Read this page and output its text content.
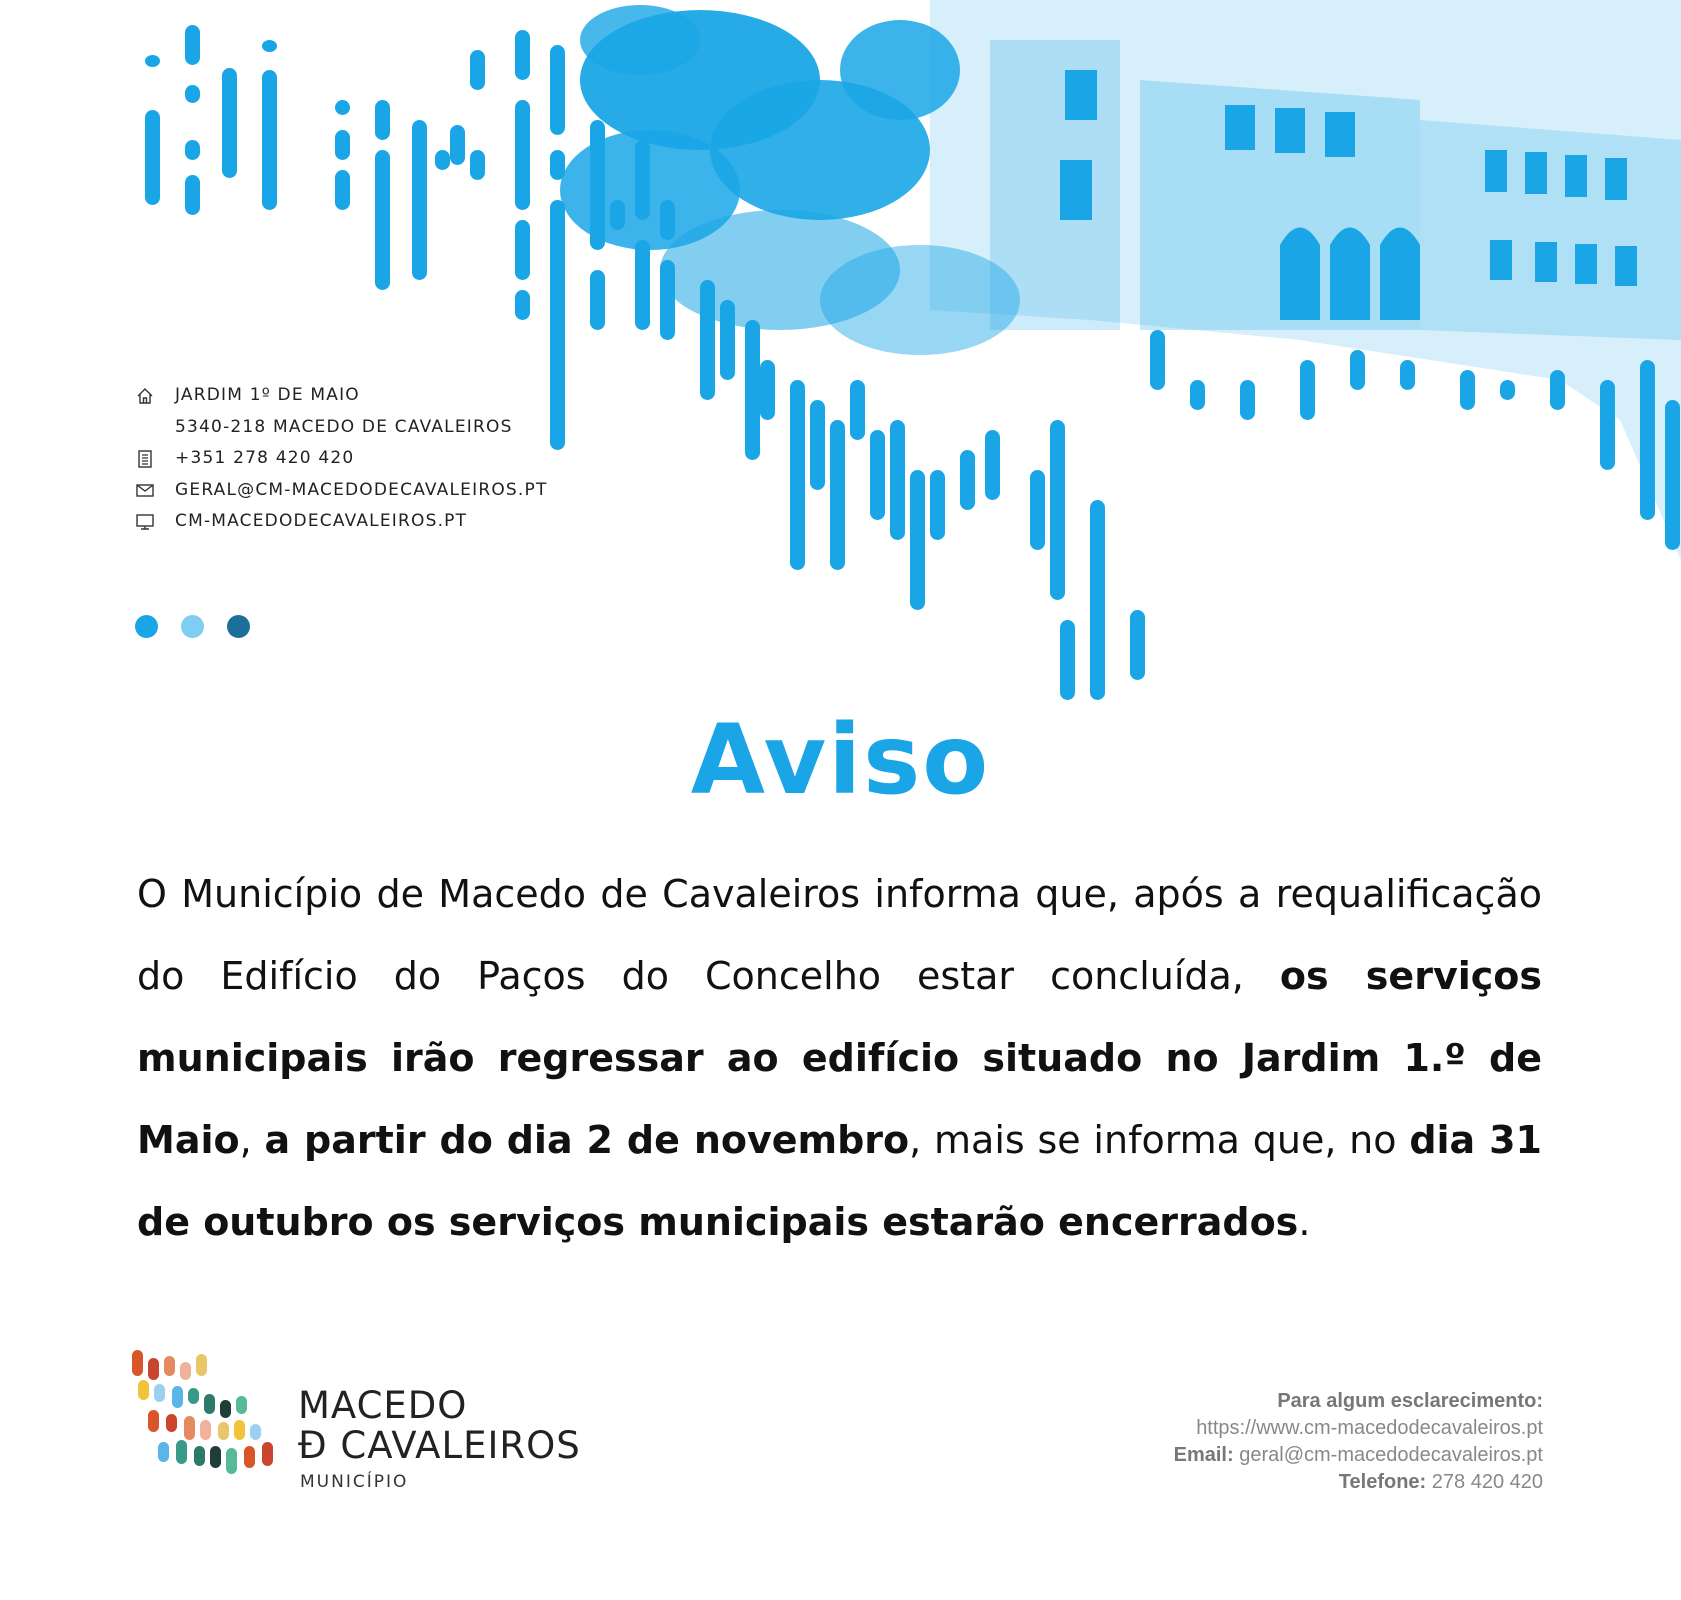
JARDIM 1º DE MAIO
5340-218 MACEDO DE CAVALEIROS
+351 278 420 420
GERAL@CM-MACEDODECAVALEIROS.PT
CM-MACEDODECAVALEIROS.PT
Aviso
O Município de Macedo de Cavaleiros informa que, após a requalificação do Edifício do Paços do Concelho estar concluída, os serviços municipais irão regressar ao edifício situado no Jardim 1.º de Maio, a partir do dia 2 de novembro, mais se informa que, no dia 31 de outubro os serviços municipais estarão encerrados.
MACEDO
Đ CAVALEIROS
MUNICÍPIO
Para algum esclarecimento:
https://www.cm-macedodecavaleiros.pt
Email: geral@cm-macedodecavaleiros.pt
Telefone: 278 420 420
